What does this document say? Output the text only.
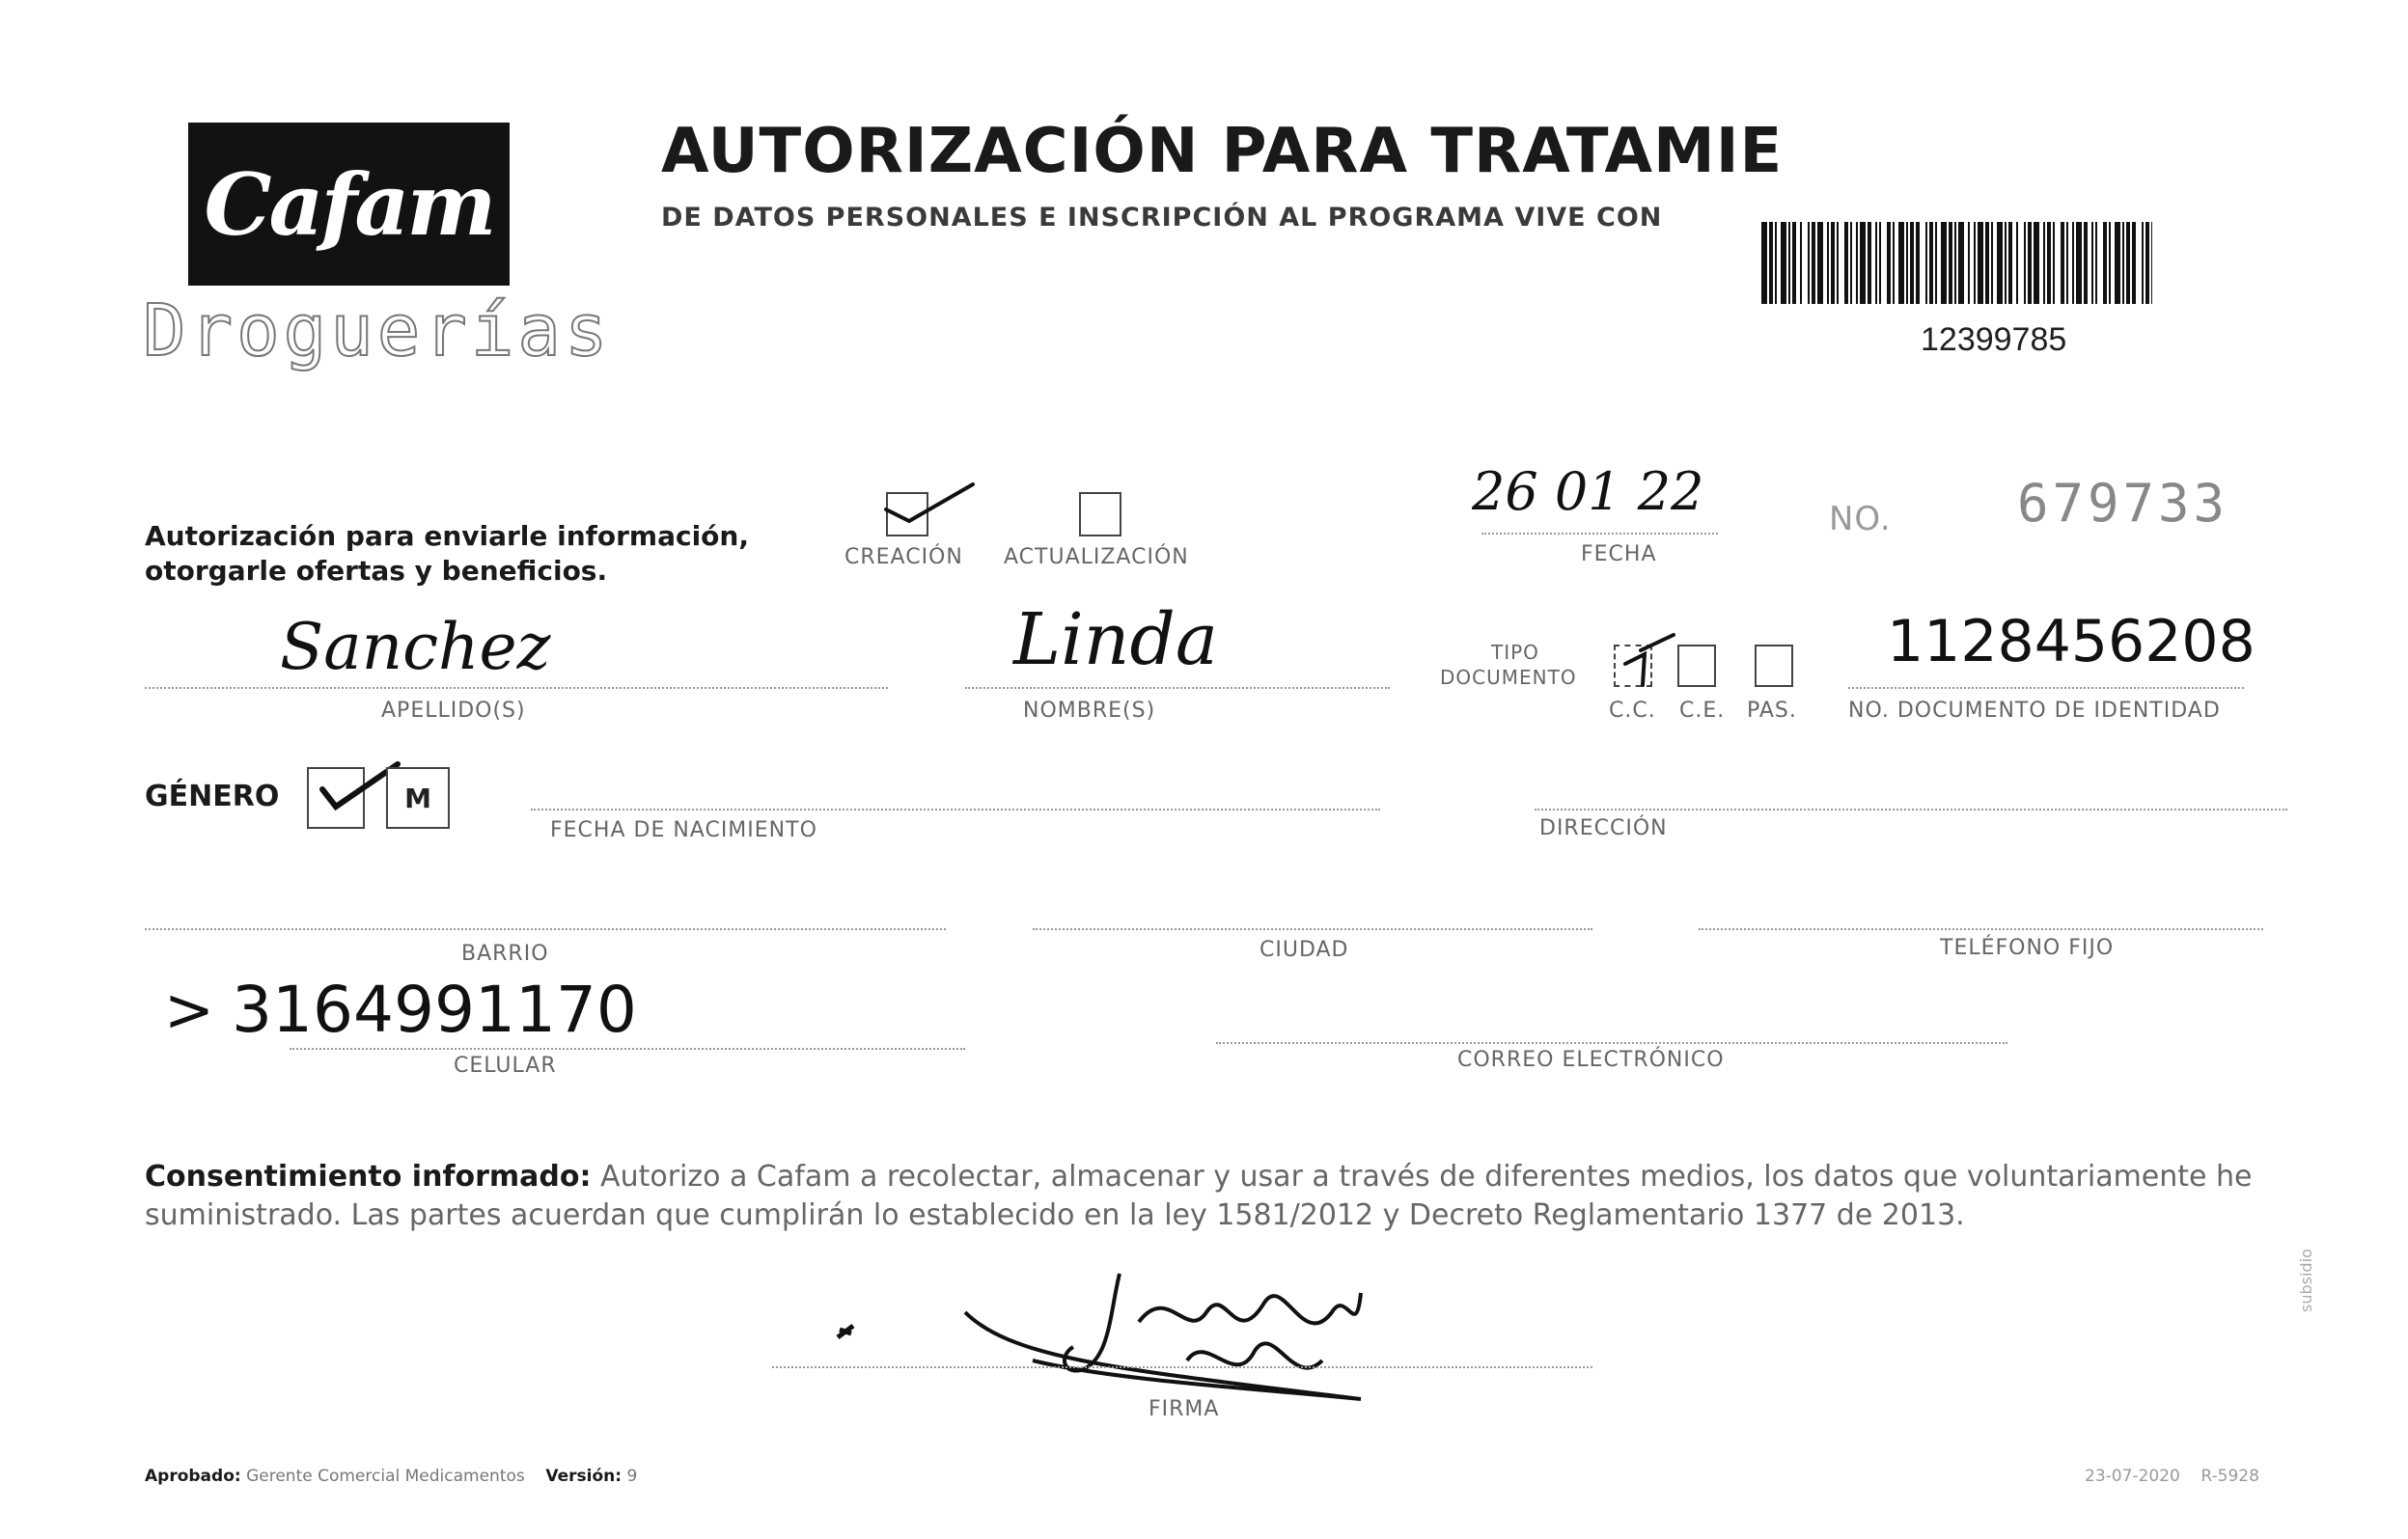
Cafam
Droguerías
AUTORIZACIÓN PARA TRATAMIE
DE DATOS PERSONALES E INSCRIPCIÓN AL PROGRAMA VIVE CON
12399785
Autorización para enviarle información,
otorgarle ofertas y beneficios.	CREACIÓN ACTUALIZACIÓN
26 01 22
FECHA
NO. 679733
Sanchez
APELLIDO(S)
Linda
NOMBRE(S)
TIPO
DOCUMENTO
C.C. C.E. PAS.
1128456208
NO. DOCUMENTO DE IDENTIDAD
GÉNERO	M
FECHA DE NACIMIENTO	DIRECCIÓN
BARRIO	CIUDAD	TELÉFONO FIJO
> 3164991170
CELULAR	CORREO ELECTRÓNICO
Consentimiento informado: Autorizo a Cafam a recolectar, almacenar y usar a través de diferentes medios, los datos que voluntariamente he
suministrado. Las partes acuerdan que cumplirán lo establecido en la ley 1581/2012 y Decreto Reglamentario 1377 de 2013.
FIRMA
Aprobado: Gerente Comercial Medicamentos Versión: 9	23-07-2020 R-5928
subsidio
